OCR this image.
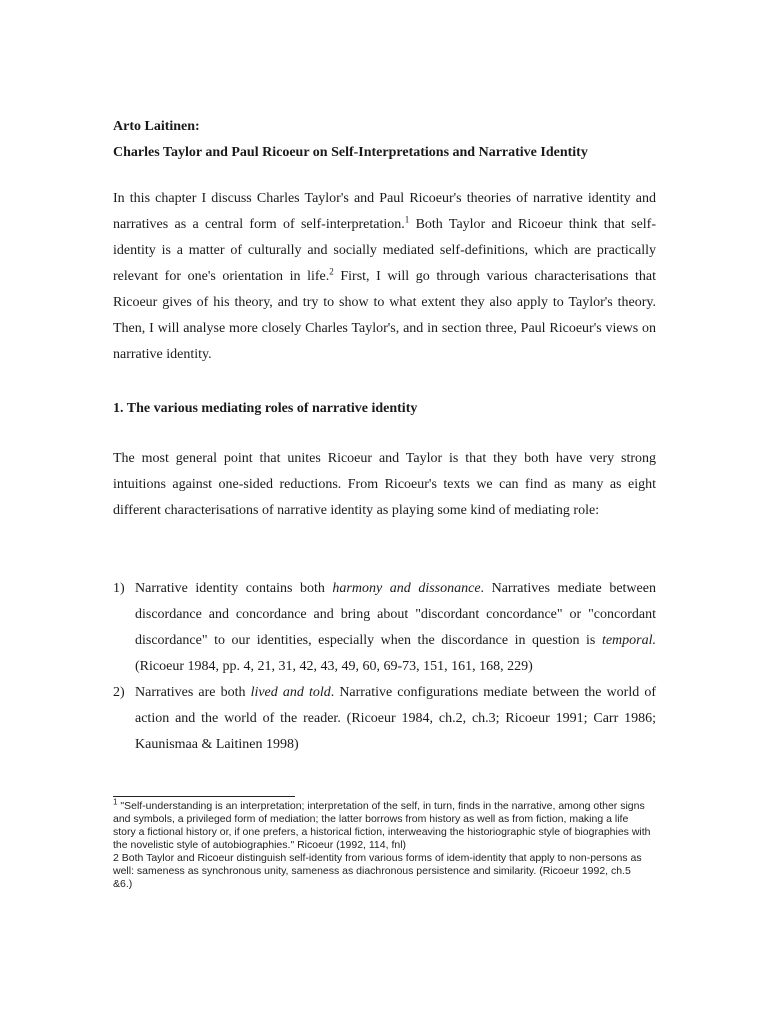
Arto Laitinen:
Charles Taylor and Paul Ricoeur on Self-Interpretations and Narrative Identity
In this chapter I discuss Charles Taylor's and Paul Ricoeur's theories of narrative identity and narratives as a central form of self-interpretation.$^1$ Both Taylor and Ricoeur think that self-identity is a matter of culturally and socially mediated self-definitions, which are practically relevant for one's orientation in life.$^2$ First, I will go through various characterisations that Ricoeur gives of his theory, and try to show to what extent they also apply to Taylor's theory. Then, I will analyse more closely Charles Taylor's, and in section three, Paul Ricoeur's views on narrative identity.
1. The various mediating roles of narrative identity
The most general point that unites Ricoeur and Taylor is that they both have very strong intuitions against one-sided reductions. From Ricoeur's texts we can find as many as eight different characterisations of narrative identity as playing some kind of mediating role:
1) Narrative identity contains both harmony and dissonance. Narratives mediate between discordance and concordance and bring about "discordant concordance" or "concordant discordance" to our identities, especially when the discordance in question is temporal. (Ricoeur 1984, pp. 4, 21, 31, 42, 43, 49, 60, 69-73, 151, 161, 168, 229)
2) Narratives are both lived and told. Narrative configurations mediate between the world of action and the world of the reader. (Ricoeur 1984, ch.2, ch.3; Ricoeur 1991; Carr 1986; Kaunismaa & Laitinen 1998)

$^1$ "Self-understanding is an interpretation; interpretation of the self, in turn, finds in the narrative, among other signs and symbols, a privileged form of mediation; the latter borrows from history as well as from fiction, making a life story a fictional history or, if one prefers, a historical fiction, interweaving the historiographic style of biographies with the novelistic style of autobiographies." Ricoeur (1992, 114, fnl)

2 Both Taylor and Ricoeur distinguish self-identity from various forms of idem-identity that apply to non-persons as well: sameness as synchronous unity, sameness as diachronous persistence and similarity. (Ricoeur 1992, ch.5 &6.)
